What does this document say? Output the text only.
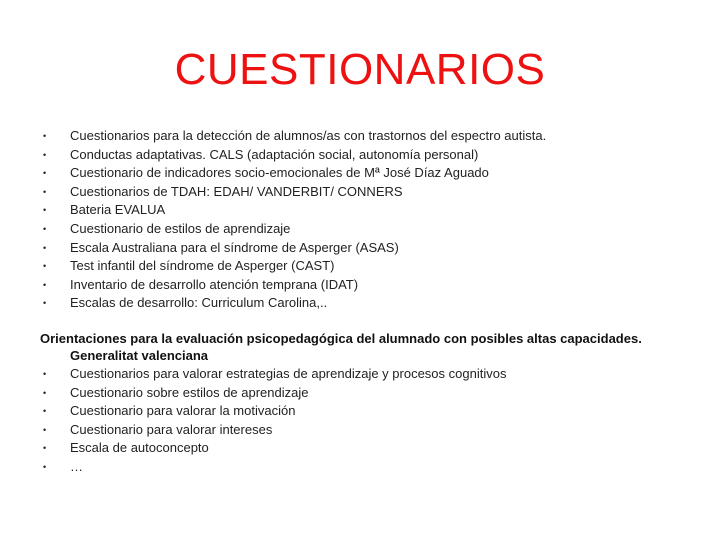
CUESTIONARIOS
• Cuestionarios para la detección de alumnos/as con trastornos del espectro autista.
• Conductas adaptativas. CALS (adaptación social, autonomía personal)
• Cuestionario de indicadores socio-emocionales de Mª José Díaz Aguado
• Cuestionarios de TDAH: EDAH/ VANDERBIT/ CONNERS
• Bateria EVALUA
• Cuestionario de estilos de aprendizaje
• Escala Australiana para el síndrome de Asperger (ASAS)
• Test infantil del síndrome de Asperger (CAST)
• Inventario de desarrollo atención temprana (IDAT)
• Escalas de desarrollo: Curriculum Carolina,..
Orientaciones para la evaluación psicopedagógica del alumnado con posibles altas capacidades. Generalitat valenciana
• Cuestionarios para valorar estrategias de aprendizaje y procesos cognitivos
• Cuestionario sobre estilos de aprendizaje
• Cuestionario para valorar la motivación
• Cuestionario para valorar intereses
• Escala de autoconcepto
• …
